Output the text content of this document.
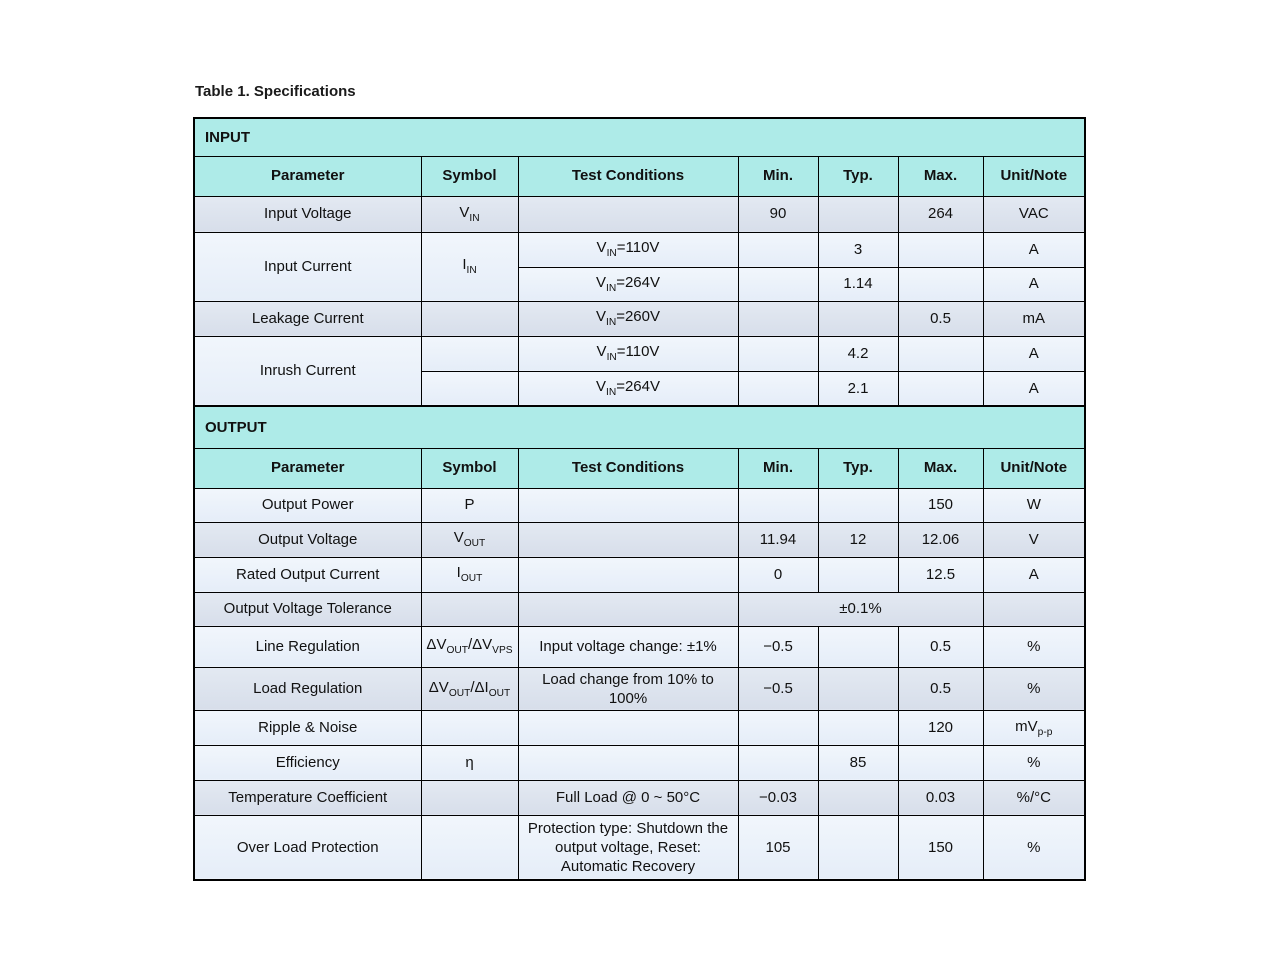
Table 1. Specifications
INPUT						
Parameter	Symbol	Test Conditions	Min.	Typ.	Max.	Unit/Note
Input Voltage	$V_{IN}$		90		264	VAC
Input Current	$I_{IN}$	$V_{IN}=110V$		3		A
		$V_{IN}=264V$		1.14		A
Leakage Current		$V_{IN}=260V$			0.5	mA
Inrush Current		$V_{IN}=110V$		4.2		A
		$V_{IN}=264V$		2.1		A
OUTPUT						
Parameter	Symbol	Test Conditions	Min.	Typ.	Max.	Unit/Note
Output Power	P				150	W
Output Voltage	$V_{OUT}$		11.94	12	12.06	V
Rated Output Current	$I_{OUT}$		0		12.5	A
Output Voltage Tolerance			±0.1%			
Line Regulation	$\Delta V_{OUT}/\Delta V_{VPS}$	Input voltage change: ±1%	−0.5		0.5	%
Load Regulation	$\Delta V_{OUT}/\Delta I_{OUT}$	Load change from 10% to 100%	−0.5		0.5	%
Ripple & Noise					120	$mV_{p-p}$
Efficiency	η			85		%
Temperature Coefficient		Full Load @ 0 ~ 50°C	−0.03		0.03	%/°C
Over Load Protection		Protection type: Shutdown the output voltage, Reset: Automatic Recovery	105		150	%
